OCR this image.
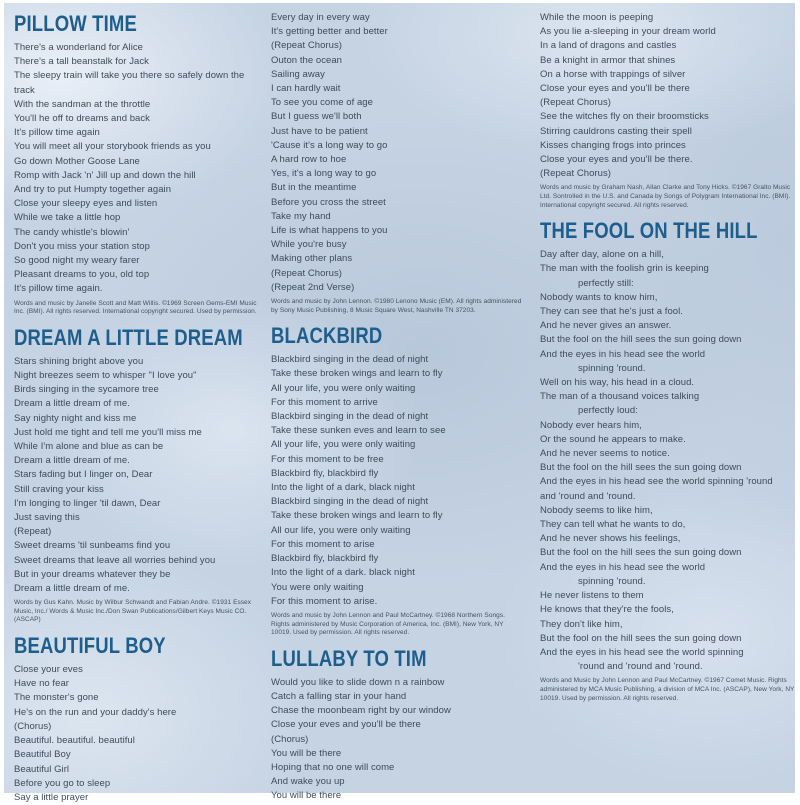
PILLOW TIME

There's a wonderland for Alice

There's a tall beanstalk for Jack

The sleepy train will take you there so safely down the

track

With the sandman at the throttle

You'll he off to dreams and back

It's pillow time again

You will meet all your storybook friends as you

Go down Mother Goose Lane

Romp with Jack 'n' Jill up and down the hill

And try to put Humpty together again

Close your sleepy eyes and listen

While we take a little hop

The candy whistle's blowin'

Don't you miss your station stop

So good night my weary farer

Pleasant dreams to you, old top

It's pillow time again.

Words and music by Janelle Scott and Matt Willis. ©1969 Screen Gems-EMI Music Inc. (BMI). All rights reserved. International copyright secured. Used by permission.

DREAM A LITTLE DREAM

Stars shining bright above you

Night breezes seem to whisper "I love you"

Birds singing in the sycamore tree

Dream a little dream of me.

Say nighty night and kiss me

Just hold me tight and tell me you'll miss me

While I'm alone and blue as can be

Dream a little dream of me.

Stars fading but I linger on, Dear

Still craving your kiss

I'm longing to linger 'til dawn, Dear

Just saving this

(Repeat)

Sweet dreams 'til sunbeams find you

Sweet dreams that leave all worries behind you

But in your dreams whatever they be

Dream a little dream of me.

Words by Gus Kahn. Music by Wilbur Schwandt and Fabian Andre. ©1931 Essex Music, Inc./ Words & Music Inc./Don Swan Publications/Gilbert Keys Music CO. (ASCAP)

BEAUTIFUL BOY

Close your eves

Have no fear

The monster's gone

He's on the run and your daddy's here

(Chorus)

Beautiful. beautiful. beautiful

Beautiful Boy

Beautiful Girl

Before you go to sleep

Say a little prayer

Every day in every way

It's getting better and better

(Repeat Chorus)

Outon the ocean

Sailing away

I can hardly wait

To see you come of age

But I guess we'll both

Just have to be patient

'Cause it's a long way to go

A hard row to hoe

Yes, it's a long way to go

But in the meantime

Before you cross the street

Take my hand

Life is what happens to you

While you're busy

Making other plans

(Repeat Chorus)

(Repeat 2nd Verse)

Words and music by John Lennon. ©1980 Lenono Music (EM). All rights administered by Sony Music Publishing, 8 Music Square West, Nashville TN 37203.

BLACKBIRD

Blackbird singing in the dead of night

Take these broken wings and learn to fly

All your life, you were only waiting

For this moment to arrive

Blackbird singing in the dead of night

Take these sunken eves and learn to see

All your life, you were only waiting

For this moment to be free

Blackbird fly, blackbird fly

Into the light of a dark, black night

Blackbird singing in the dead of night

Take these broken wings and learn to fly

All our life, you were only waiting

For this moment to arise

Blackbird fly, blackbird fly

Into the light of a dark. black night

You were only waiting

For this moment to arise.

Words and music by John Lennon and Paul McCartney. ©1968 Northern Songs. Rights administered by Music Corporation of America, Inc. (BMI), New York, NY 10019. Used by permission. All rights reserved.

LULLABY TO TIM

Would you like to slide down n a rainbow

Catch a falling star in your hand

Chase the moonbeam right by our window

Close your eves and you'll be there

(Chorus)

You will be there

Hoping that no one will come

And wake you up

You will be there

While the moon is peeping

As you lie a-sleeping in your dream world

In a land of dragons and castles

Be a knight in armor that shines

On a horse with trappings of silver

Close your eyes and you'll be there

(Repeat Chorus)

See the witches fly on their broomsticks

Stirring cauldrons casting their spell

Kisses changing frogs into princes

Close your eyes and you'll be there.

(Repeat Chorus)

Words and music by Graham Nash, Allan Clarke and Tony Hicks. ©1967 Gralto Music Ltd. Sontrolled in the U.S. and Canada by Songs of Polygram International Inc. (BMI). International copyright secured. All rights reserved.

THE FOOL ON THE HILL

Day after day, alone on a hill,

The man with the foolish grin is keeping

perfectly still:

Nobody wants to know him,

They can see that he's just a fool.

And he never gives an answer.

But the fool on the hill sees the sun going down

And the eyes in his head see the world

spinning 'round.

Well on his way, his head in a cloud.

The man of a thousand voices talking

perfectly loud:

Nobody ever hears him,

Or the sound he appears to make.

And he never seems to notice.

But the fool on the hill sees the sun going down

And the eyes in his head see the world spinning 'round

and 'round and 'round.

Nobody seems to like him,

They can tell what he wants to do,

And he never shows his feelings,

But the fool on the hill sees the sun going down

And the eyes in his head see the world

spinning 'round.

He never listens to them

He knows that they're the fools,

They don't like him,

But the fool on the hill sees the sun going down

And the eyes in his head see the world spinning

'round and 'round and 'round.

Words and Music by John Lennon and Paul McCartney. ©1967 Comet Music. Rights administered by MCA Music Publishing, a division of MCA Inc. (ASCAP), New York, NY 10019. Used by permission. All rights reserved.
